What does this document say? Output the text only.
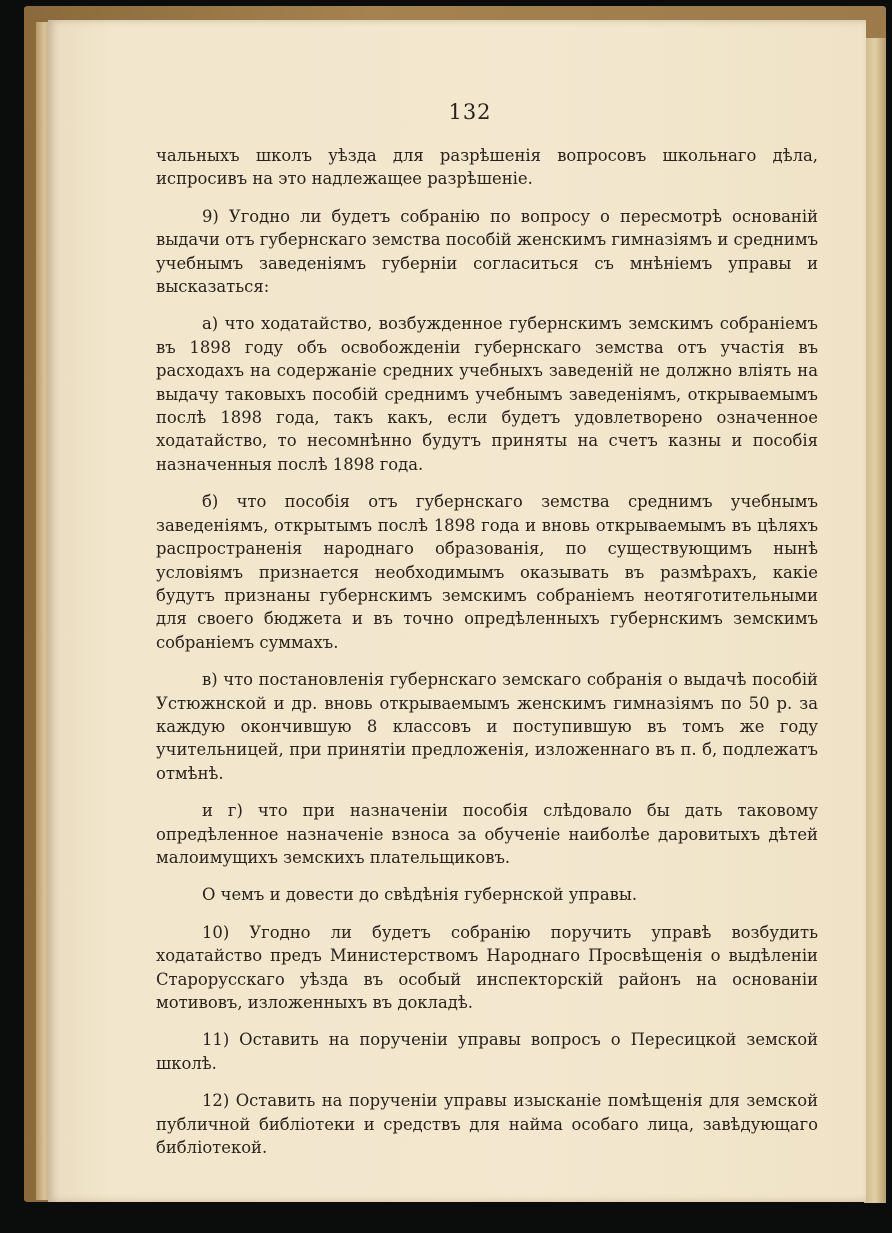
132

чальныхъ школъ уѣзда для разрѣшенія вопросовъ школьнаго дѣла, испросивъ на это надлежащее разрѣшеніе.

9) Угодно ли будетъ собранію по вопросу о пересмотрѣ основаній выдачи отъ губернскаго земства пособій женскимъ гимназіямъ и среднимъ учебнымъ заведеніямъ губерніи согласиться съ мнѣніемъ управы и высказаться:

а) что ходатайство, возбужденное губернскимъ земскимъ собраніемъ въ 1898 году объ освобожденіи губернскаго земства отъ участія въ расходахъ на содержаніе средних учебныхъ заведеній не должно вліять на выдачу таковыхъ пособій среднимъ учебнымъ заведеніямъ, открываемымъ послѣ 1898 года, такъ какъ, если будетъ удовлетворено означенное ходатайство, то несомнѣнно будутъ приняты на счетъ казны и пособія назначенныя послѣ 1898 года.

б) что пособія отъ губернскаго земства среднимъ учебнымъ заведеніямъ, открытымъ послѣ 1898 года и вновь открываемымъ въ цѣляхъ распространенія народнаго образованія, по существующимъ нынѣ условіямъ признается необходимымъ оказывать въ размѣрахъ, какіе будутъ признаны губернскимъ земскимъ собраніемъ неотяготительными для своего бюджета и въ точно опредѣленныхъ губернскимъ земскимъ собраніемъ суммахъ.

в) что постановленія губернскаго земскаго собранія о выдачѣ пособій Устюжнской и др. вновь открываемымъ женскимъ гимназіямъ по 50 р. за каждую окончившую 8 классовъ и поступившую въ томъ же году учительницей, при принятіи предложенія, изложеннаго въ п. б, подлежатъ отмѣнѣ.

и г) что при назначеніи пособія слѣдовало бы дать таковому опредѣленное назначеніе взноса за обученіе наиболѣе даровитыхъ дѣтей малоимущихъ земскихъ плательщиковъ.

О чемъ и довести до свѣдѣнія губернской управы.

10) Угодно ли будетъ собранію поручить управѣ возбудить ходатайство предъ Министерствомъ Народнаго Просвѣщенія о выдѣленіи Старорусскаго уѣзда въ особый инспекторскій районъ на основаніи мотивовъ, изложенныхъ въ докладѣ.

11) Оставить на порученіи управы вопросъ о Пересицкой земской школѣ.

12) Оставить на порученіи управы изысканіе помѣщенія для земской публичной библіотеки и средствъ для найма особаго лица, завѣдующаго библіотекой.
